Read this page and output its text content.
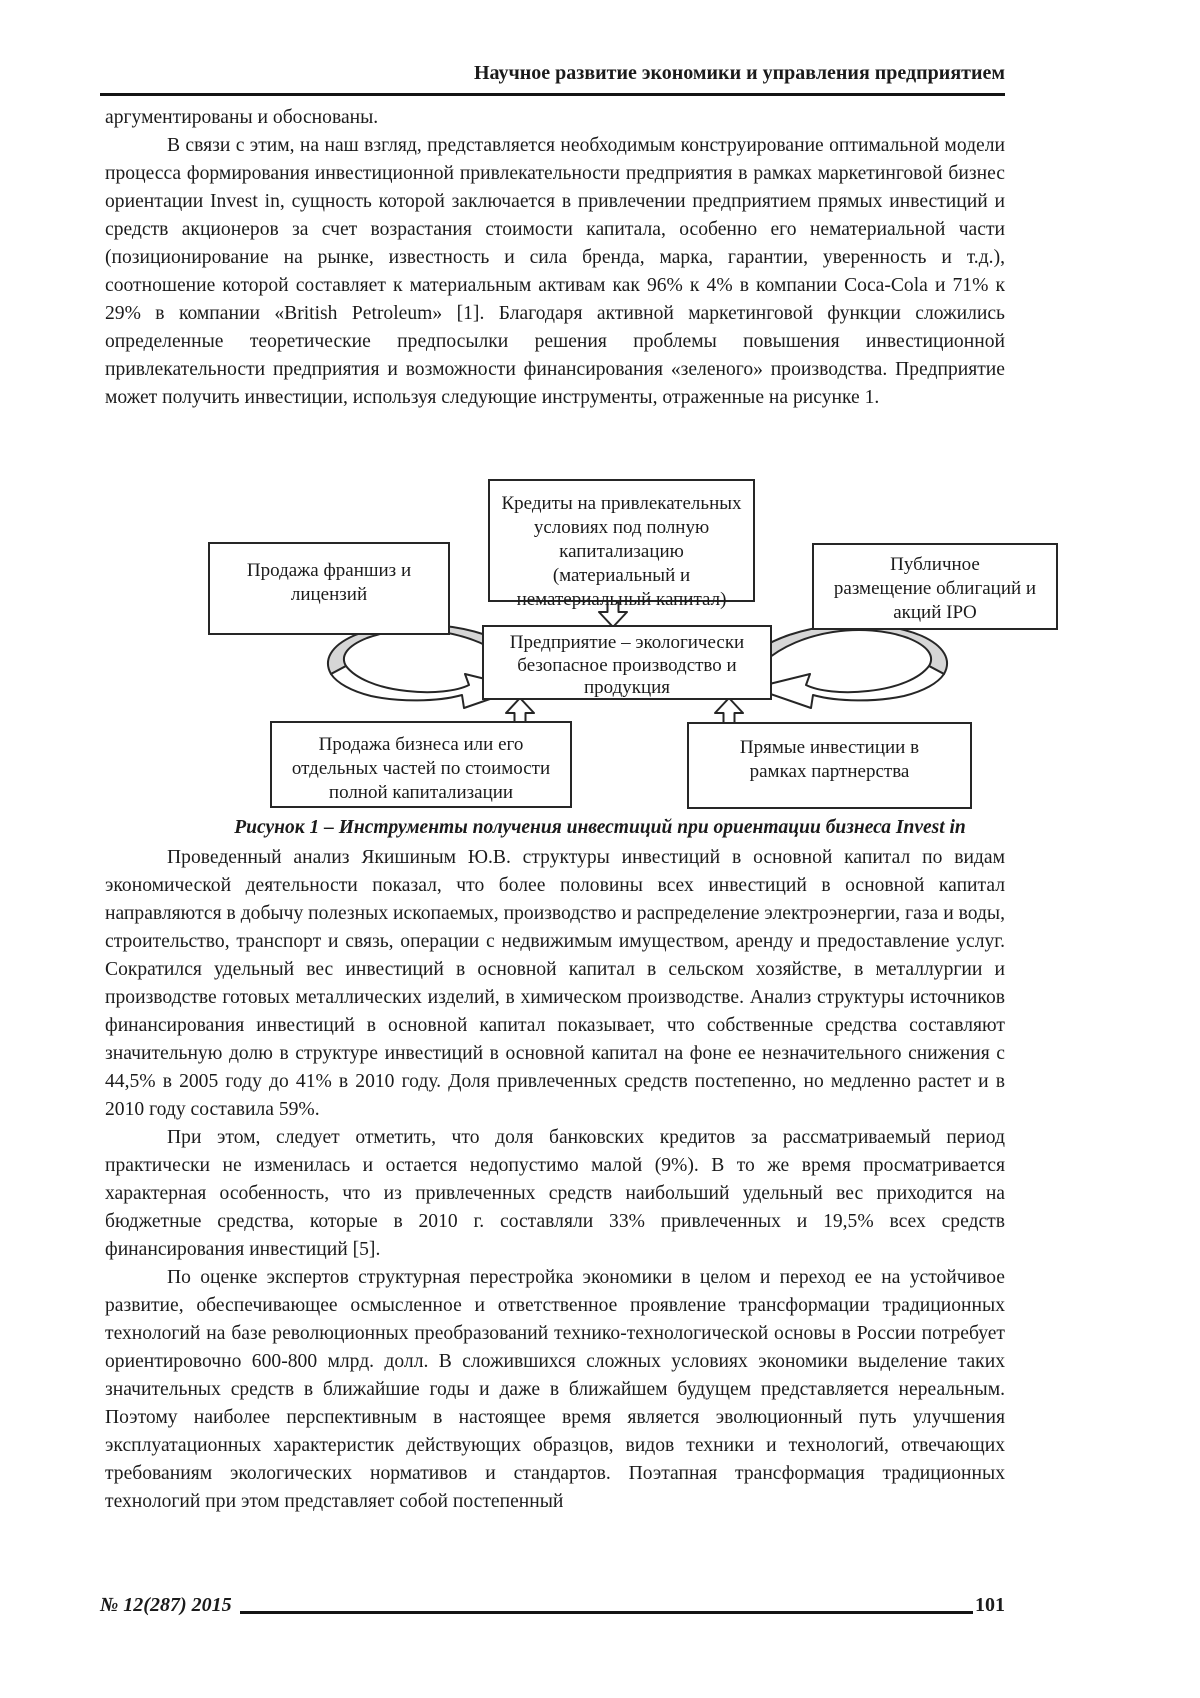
Научное развитие экономики и управления предприятием

аргументированы и обоснованы.

В связи с этим, на наш взгляд, представляется необходимым конструирование оптимальной модели процесса формирования инвестиционной привлекательности предприятия в рамках маркетинговой бизнес ориентации Invest in, сущность которой заключается в привлечении предприятием прямых инвестиций и средств акционеров за счет возрастания стоимости капитала, особенно его нематериальной части (позиционирование на рынке, известность и сила бренда, марка, гарантии, уверенность и т.д.), соотношение которой составляет к материальным активам как 96% к 4% в компании Coca-Cola и 71% к 29% в компании «British Petroleum» [1]. Благодаря активной маркетинговой функции сложились определенные теоретические предпосылки решения проблемы повышения инвестиционной привлекательности предприятия и возможности финансирования «зеленого» производства. Предприятие может получить инвестиции, используя следующие инструменты, отраженные на рисунке 1.

Кредиты на привлекательных
условиях под полную
капитализацию
(материальный и
нематериальный капитал)
Продажа франшиз и
лицензий
Публичное
размещение облигаций и
акций IPO
Предприятие – экологически
безопасное производство и
продукция
Продажа бизнеса или его
отдельных частей по стоимости
полной капитализации
Прямые инвестиции в
рамках партнерства
Рисунок 1 – Инструменты получения инвестиций при ориентации бизнеса Invest in

Проведенный анализ Якишиным Ю.В. структуры инвестиций в основной капитал по видам экономической деятельности показал, что более половины всех инвестиций в основной капитал направляются в добычу полезных ископаемых, производство и распределение электроэнергии, газа и воды, строительство, транспорт и связь, операции с недвижимым имуществом, аренду и предоставление услуг. Сократился удельный вес инвестиций в основной капитал в сельском хозяйстве, в металлургии и производстве готовых металлических изделий, в химическом производстве. Анализ структуры источников финансирования инвестиций в основной капитал показывает, что собственные средства составляют значительную долю в структуре инвестиций в основной капитал на фоне ее незначительного снижения с 44,5% в 2005 году до 41% в 2010 году. Доля привлеченных средств постепенно, но медленно растет и в 2010 году составила 59%.

При этом, следует отметить, что доля банковских кредитов за рассматриваемый период практически не изменилась и остается недопустимо малой (9%). В то же время просматривается характерная особенность, что из привлеченных средств наибольший удельный вес приходится на бюджетные средства, которые в 2010 г. составляли 33% привлеченных и 19,5% всех средств финансирования инвестиций [5].

По оценке экспертов структурная перестройка экономики в целом и переход ее на устойчивое развитие, обеспечивающее осмысленное и ответственное проявление трансформации традиционных технологий на базе революционных преобразований технико-технологической основы в России потребует ориентировочно 600-800 млрд. долл. В сложившихся сложных условиях экономики выделение таких значительных средств в ближайшие годы и даже в ближайшем будущем представляется нереальным. Поэтому наиболее перспективным в настоящее время является эволюционный путь улучшения эксплуатационных характеристик действующих образцов, видов техники и технологий, отвечающих требованиям экологических нормативов и стандартов. Поэтапная трансформация традиционных технологий при этом представляет собой постепенный

№ 12(287) 2015	101
